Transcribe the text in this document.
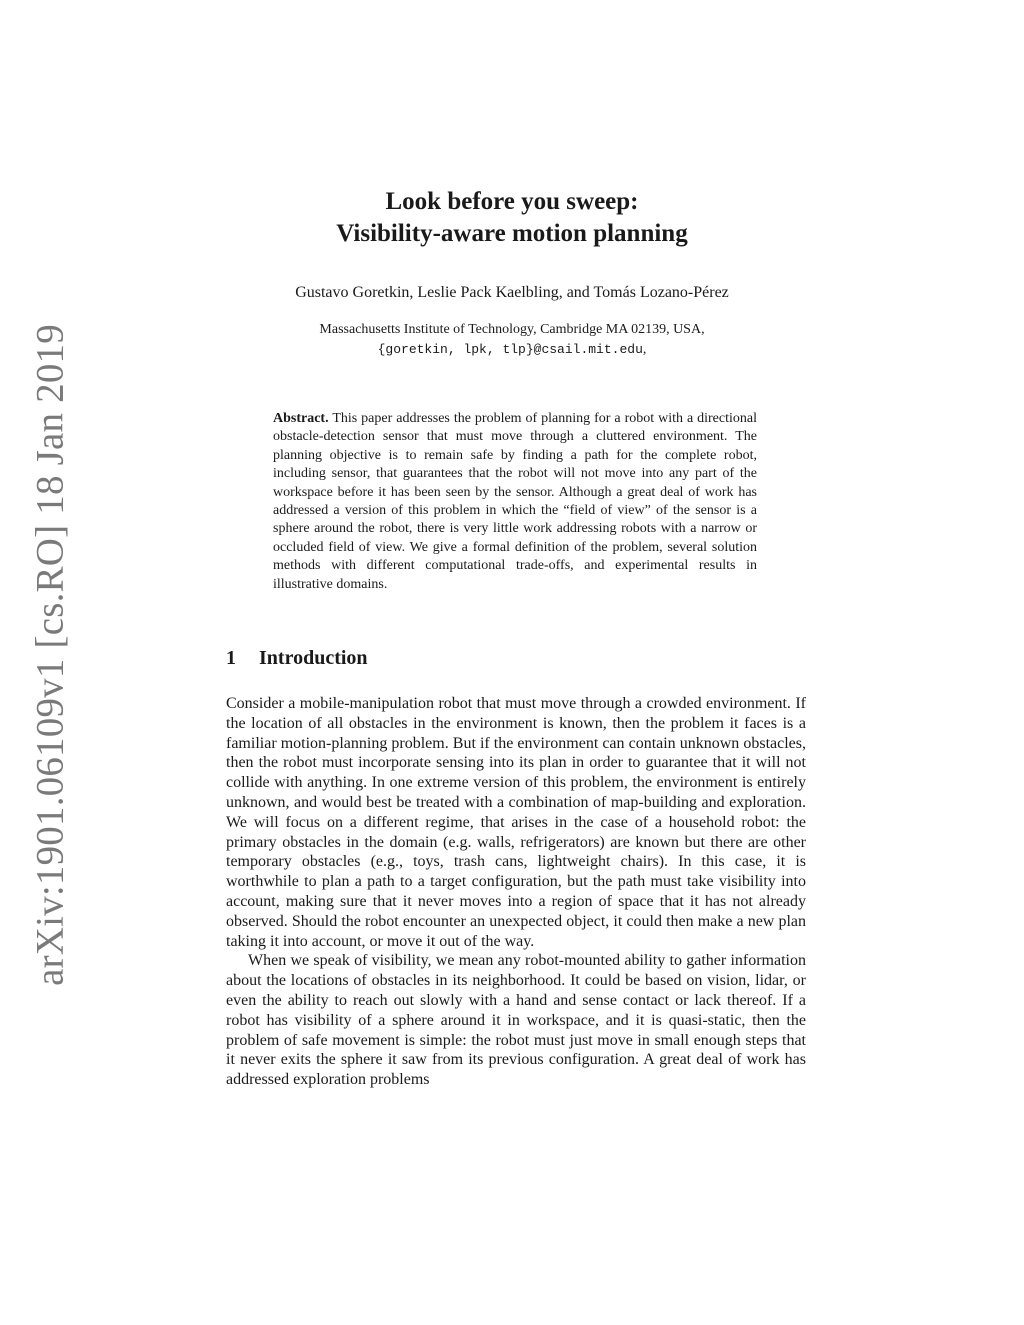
arXiv:1901.06109v1 [cs.RO] 18 Jan 2019
Look before you sweep:
Visibility-aware motion planning
Gustavo Goretkin, Leslie Pack Kaelbling, and Tomás Lozano-Pérez
Massachusetts Institute of Technology, Cambridge MA 02139, USA,
{goretkin, lpk, tlp}@csail.mit.edu,
Abstract. This paper addresses the problem of planning for a robot with a directional obstacle-detection sensor that must move through a cluttered environment. The planning objective is to remain safe by finding a path for the complete robot, including sensor, that guarantees that the robot will not move into any part of the workspace before it has been seen by the sensor. Although a great deal of work has addressed a version of this problem in which the “field of view” of the sensor is a sphere around the robot, there is very little work addressing robots with a narrow or occluded field of view. We give a formal definition of the problem, several solution methods with different computational trade-offs, and experimental results in illustrative domains.
1 Introduction

Consider a mobile-manipulation robot that must move through a crowded environment. If the location of all obstacles in the environment is known, then the problem it faces is a familiar motion-planning problem. But if the environment can contain unknown obstacles, then the robot must incorporate sensing into its plan in order to guarantee that it will not collide with anything. In one extreme version of this problem, the environment is entirely unknown, and would best be treated with a combination of map-building and exploration. We will focus on a different regime, that arises in the case of a household robot: the primary obstacles in the domain (e.g. walls, refrigerators) are known but there are other temporary obstacles (e.g., toys, trash cans, lightweight chairs). In this case, it is worthwhile to plan a path to a target configuration, but the path must take visibility into account, making sure that it never moves into a region of space that it has not already observed. Should the robot encounter an unexpected object, it could then make a new plan taking it into account, or move it out of the way.

When we speak of visibility, we mean any robot-mounted ability to gather information about the locations of obstacles in its neighborhood. It could be based on vision, lidar, or even the ability to reach out slowly with a hand and sense contact or lack thereof. If a robot has visibility of a sphere around it in workspace, and it is quasi-static, then the problem of safe movement is simple: the robot must just move in small enough steps that it never exits the sphere it saw from its previous configuration. A great deal of work has addressed exploration problems
